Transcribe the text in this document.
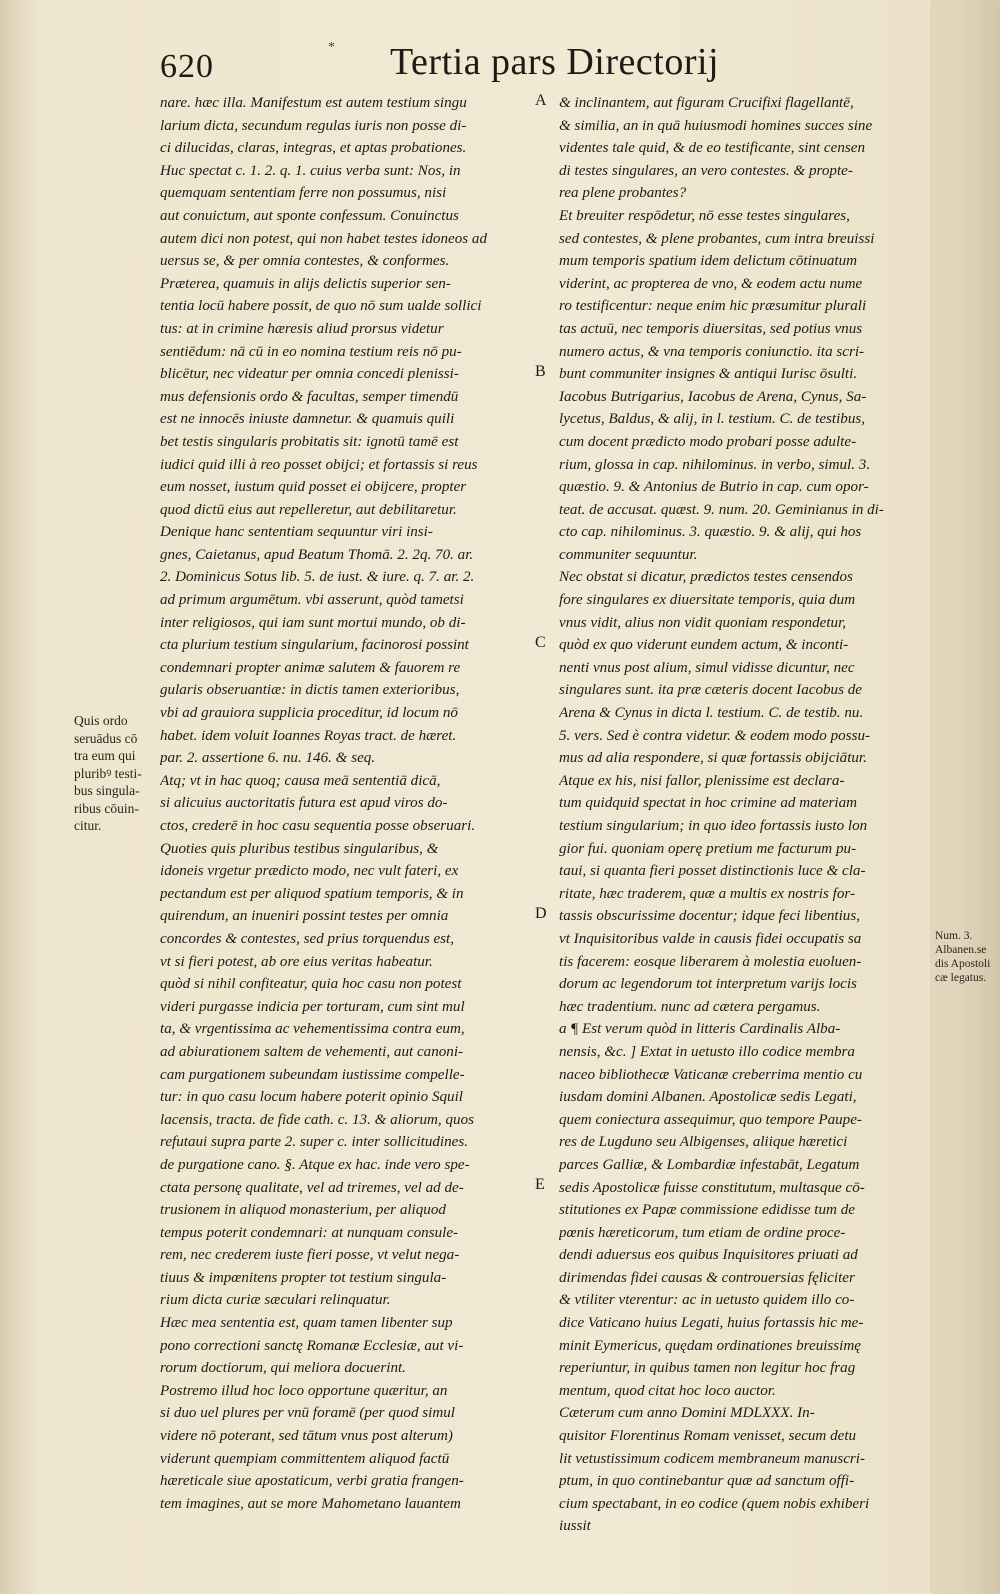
620	Tertia pars Directorij
*
nare. hæc illa. Manifestum est autem testium singu
larium dicta, secundum regulas iuris non posse di-
ci dilucidas, claras, integras, et aptas probationes.
Huc spectat c. 1. 2. q. 1. cuius verba sunt: Nos, in
quemquam sententiam ferre non possumus, nisi
aut conuictum, aut sponte confessum. Conuinctus
autem dici non potest, qui non habet testes idoneos ad
uersus se, & per omnia contestes, & conformes.
Præterea, quamuis in alijs delictis superior sen-
tentia locū habere possit, de quo nō sum ualde sollici
tus: at in crimine hæresis aliud prorsus videtur
sentiēdum: nā cū in eo nomina testium reis nō pu-
blicētur, nec videatur per omnia concedi plenissi-
mus defensionis ordo & facultas, semper timendū
est ne innocēs iniuste damnetur. & quamuis quili
bet testis singularis probitatis sit: ignotū tamē est
iudici quid illi à reo posset obijci; et fortassis si reus
eum nosset, iustum quid posset ei obijcere, propter
quod dictū eius aut repelleretur, aut debilitaretur.
Denique hanc sententiam sequuntur viri insi-
gnes, Caietanus, apud Beatum Thomā. 2. 2q. 70. ar.
2. Dominicus Sotus lib. 5. de iust. & iure. q. 7. ar. 2.
ad primum argumētum. vbi asserunt, quòd tametsi
inter religiosos, qui iam sunt mortui mundo, ob di-
cta plurium testium singularium, facinorosi possint
condemnari propter animæ salutem & fauorem re
gularis obseruantiæ: in dictis tamen exterioribus,
vbi ad grauiora supplicia proceditur, id locum nō
habet. idem voluit Ioannes Royas tract. de hæret.
par. 2. assertione 6. nu. 146. & seq.
Atq; vt in hac quoq; causa meā sententiā dicā,
si alicuius auctoritatis futura est apud viros do-
ctos, crederē in hoc casu sequentia posse obseruari.
Quoties quis pluribus testibus singularibus, &
idoneis vrgetur prædicto modo, nec vult fateri, ex
pectandum est per aliquod spatium temporis, & in
quirendum, an inueniri possint testes per omnia
concordes & contestes, sed prius torquendus est,
vt si fieri potest, ab ore eius veritas habeatur.
quòd si nihil confiteatur, quia hoc casu non potest
videri purgasse indicia per torturam, cum sint mul
ta, & vrgentissima ac vehementissima contra eum,
ad abiurationem saltem de vehementi, aut canoni-
cam purgationem subeundam iustissime compelle-
tur: in quo casu locum habere poterit opinio Squil
lacensis, tracta. de fide cath. c. 13. & aliorum, quos
refutaui supra parte 2. super c. inter sollicitudines.
de purgatione cano. §. Atque ex hac. inde vero spe-
ctata personę qualitate, vel ad triremes, vel ad de-
trusionem in aliquod monasterium, per aliquod
tempus poterit condemnari: at nunquam consule-
rem, nec crederem iuste fieri posse, vt velut nega-
tiuus & impœnitens propter tot testium singula-
rium dicta curiæ sæculari relinquatur.
Hæc mea sententia est, quam tamen libenter sup
pono correctioni sanctę Romanæ Ecclesiæ, aut vi-
rorum doctiorum, qui meliora docuerint.
Postremo illud hoc loco opportune quæritur, an
si duo uel plures per vnū foramē (per quod simul
videre nō poterant, sed tātum vnus post alterum)
viderunt quempiam committentem aliquod factū
hæreticale siue apostaticum, verbi gratia frangen-
tem imagines, aut se more Mahometano lauantem
& inclinantem, aut figuram Crucifixi flagellantē,
& similia, an in quā huiusmodi homines succes sine
videntes tale quid, & de eo testificante, sint censen
di testes singulares, an vero contestes. & propte-
rea plene probantes?
Et breuiter respōdetur, nō esse testes singulares,
sed contestes, & plene probantes, cum intra breuissi
mum temporis spatium idem delictum cōtinuatum
viderint, ac propterea de vno, & eodem actu nume
ro testificentur: neque enim hic præsumitur plurali
tas actuū, nec temporis diuersitas, sed potius vnus
numero actus, & vna temporis coniunctio. ita scri-
bunt communiter insignes & antiqui Iurisc ōsulti.
Iacobus Butrigarius, Iacobus de Arena, Cynus, Sa-
lycetus, Baldus, & alij, in l. testium. C. de testibus,
cum docent prædicto modo probari posse adulte-
rium, glossa in cap. nihilominus. in verbo, simul. 3.
quæstio. 9. & Antonius de Butrio in cap. cum opor-
teat. de accusat. quæst. 9. num. 20. Geminianus in di-
cto cap. nihilominus. 3. quæstio. 9. & alij, qui hos
communiter sequuntur.
Nec obstat si dicatur, prædictos testes censendos
fore singulares ex diuersitate temporis, quia dum
vnus vidit, alius non vidit quoniam respondetur,
quòd ex quo viderunt eundem actum, & inconti-
nenti vnus post alium, simul vidisse dicuntur, nec
singulares sunt. ita præ cæteris docent Iacobus de
Arena & Cynus in dicta l. testium. C. de testib. nu.
5. vers. Sed è contra videtur. & eodem modo possu-
mus ad alia respondere, si quæ fortassis obijciātur.
Atque ex his, nisi fallor, plenissime est declara-
tum quidquid spectat in hoc crimine ad materiam
testium singularium; in quo ideo fortassis iusto lon
gior fui. quoniam operę pretium me facturum pu-
taui, si quanta fieri posset distinctionis luce & cla-
ritate, hæc traderem, quæ a multis ex nostris for-
tassis obscurissime docentur; idque feci libentius,
vt Inquisitoribus valde in causis fidei occupatis sa
tis facerem: eosque liberarem à molestia euoluen-
dorum ac legendorum tot interpretum varijs locis
hæc tradentium. nunc ad cætera pergamus.
a ¶ Est verum quòd in litteris Cardinalis Alba-
nensis, &c. ] Extat in uetusto illo codice membra
naceo bibliothecæ Vaticanæ creberrima mentio cu
iusdam domini Albanen. Apostolicæ sedis Legati,
quem coniectura assequimur, quo tempore Paupe-
res de Lugduno seu Albigenses, aliique hæretici
parces Galliæ, & Lombardiæ infestabāt, Legatum
sedis Apostolicæ fuisse constitutum, multasque cō-
stitutiones ex Papæ commissione edidisse tum de
pœnis hæreticorum, tum etiam de ordine proce-
dendi aduersus eos quibus Inquisitores priuati ad
dirimendas fidei causas & controuersias fęliciter
& vtiliter vterentur: ac in uetusto quidem illo co-
dice Vaticano huius Legati, huius fortassis hic me-
minit Eymericus, quędam ordinationes breuissimę
reperiuntur, in quibus tamen non legitur hoc frag
mentum, quod citat hoc loco auctor.
Cæterum cum anno Domini MDLXXX. In-
quisitor Florentinus Romam venisset, secum detu
lit vetustissimum codicem membraneum manuscri-
ptum, in quo continebantur quæ ad sanctum offi-
cium spectabant, in eo codice (quem nobis exhiberi
iussit
A
B
C
D
E
Quis ordo
seruādus cō
tra eum qui
pluribꝰ testi-
bus singula-
ribus cōuin-
citur.
Num. 3.
Albanen.se
dis Apostoli
cæ legatus.
